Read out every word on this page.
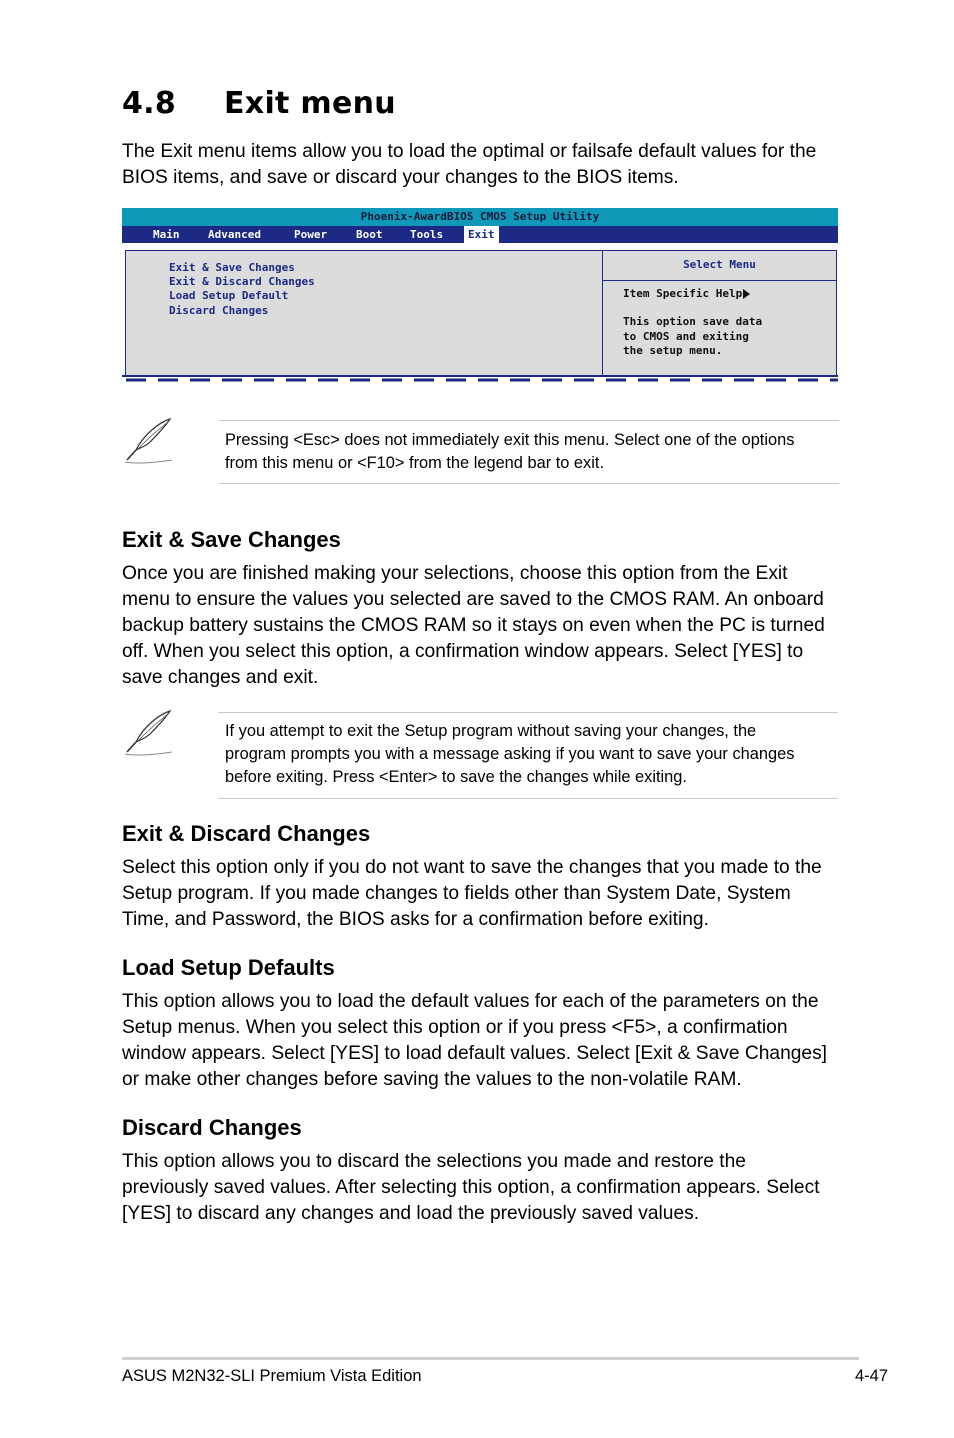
4.8 Exit menu

The Exit menu items allow you to load the optimal or failsafe default values for the BIOS items, and save or discard your changes to the BIOS items.

Phoenix-AwardBIOS CMOS Setup Utility
Main	Advanced	Power	Boot	Tools	Exit
Exit & Save Changes
Exit & Discard Changes
Load Setup Default
Discard Changes
Select Menu
Item Specific Help
This option save data
to CMOS and exiting
the setup menu.

Pressing <Esc> does not immediately exit this menu. Select one of the options
from this menu or <F10> from the legend bar to exit.

Exit & Save Changes

Once you are finished making your selections, choose this option from the Exit
menu to ensure the values you selected are saved to the CMOS RAM. An onboard
backup battery sustains the CMOS RAM so it stays on even when the PC is turned
off. When you select this option, a confirmation window appears. Select [YES] to
save changes and exit.

If you attempt to exit the Setup program without saving your changes, the
program prompts you with a message asking if you want to save your changes
before exiting. Press <Enter> to save the changes while exiting.

Exit & Discard Changes

Select this option only if you do not want to save the changes that you made to the
Setup program. If you made changes to fields other than System Date, System
Time, and Password, the BIOS asks for a confirmation before exiting.

Load Setup Defaults

This option allows you to load the default values for each of the parameters on the
Setup menus. When you select this option or if you press <F5>, a confirmation
window appears. Select [YES] to load default values. Select [Exit & Save Changes]
or make other changes before saving the values to the non-volatile RAM.

Discard Changes

This option allows you to discard the selections you made and restore the
previously saved values. After selecting this option, a confirmation appears. Select
[YES] to discard any changes and load the previously saved values.

ASUS M2N32-SLI Premium Vista Edition	4-47
